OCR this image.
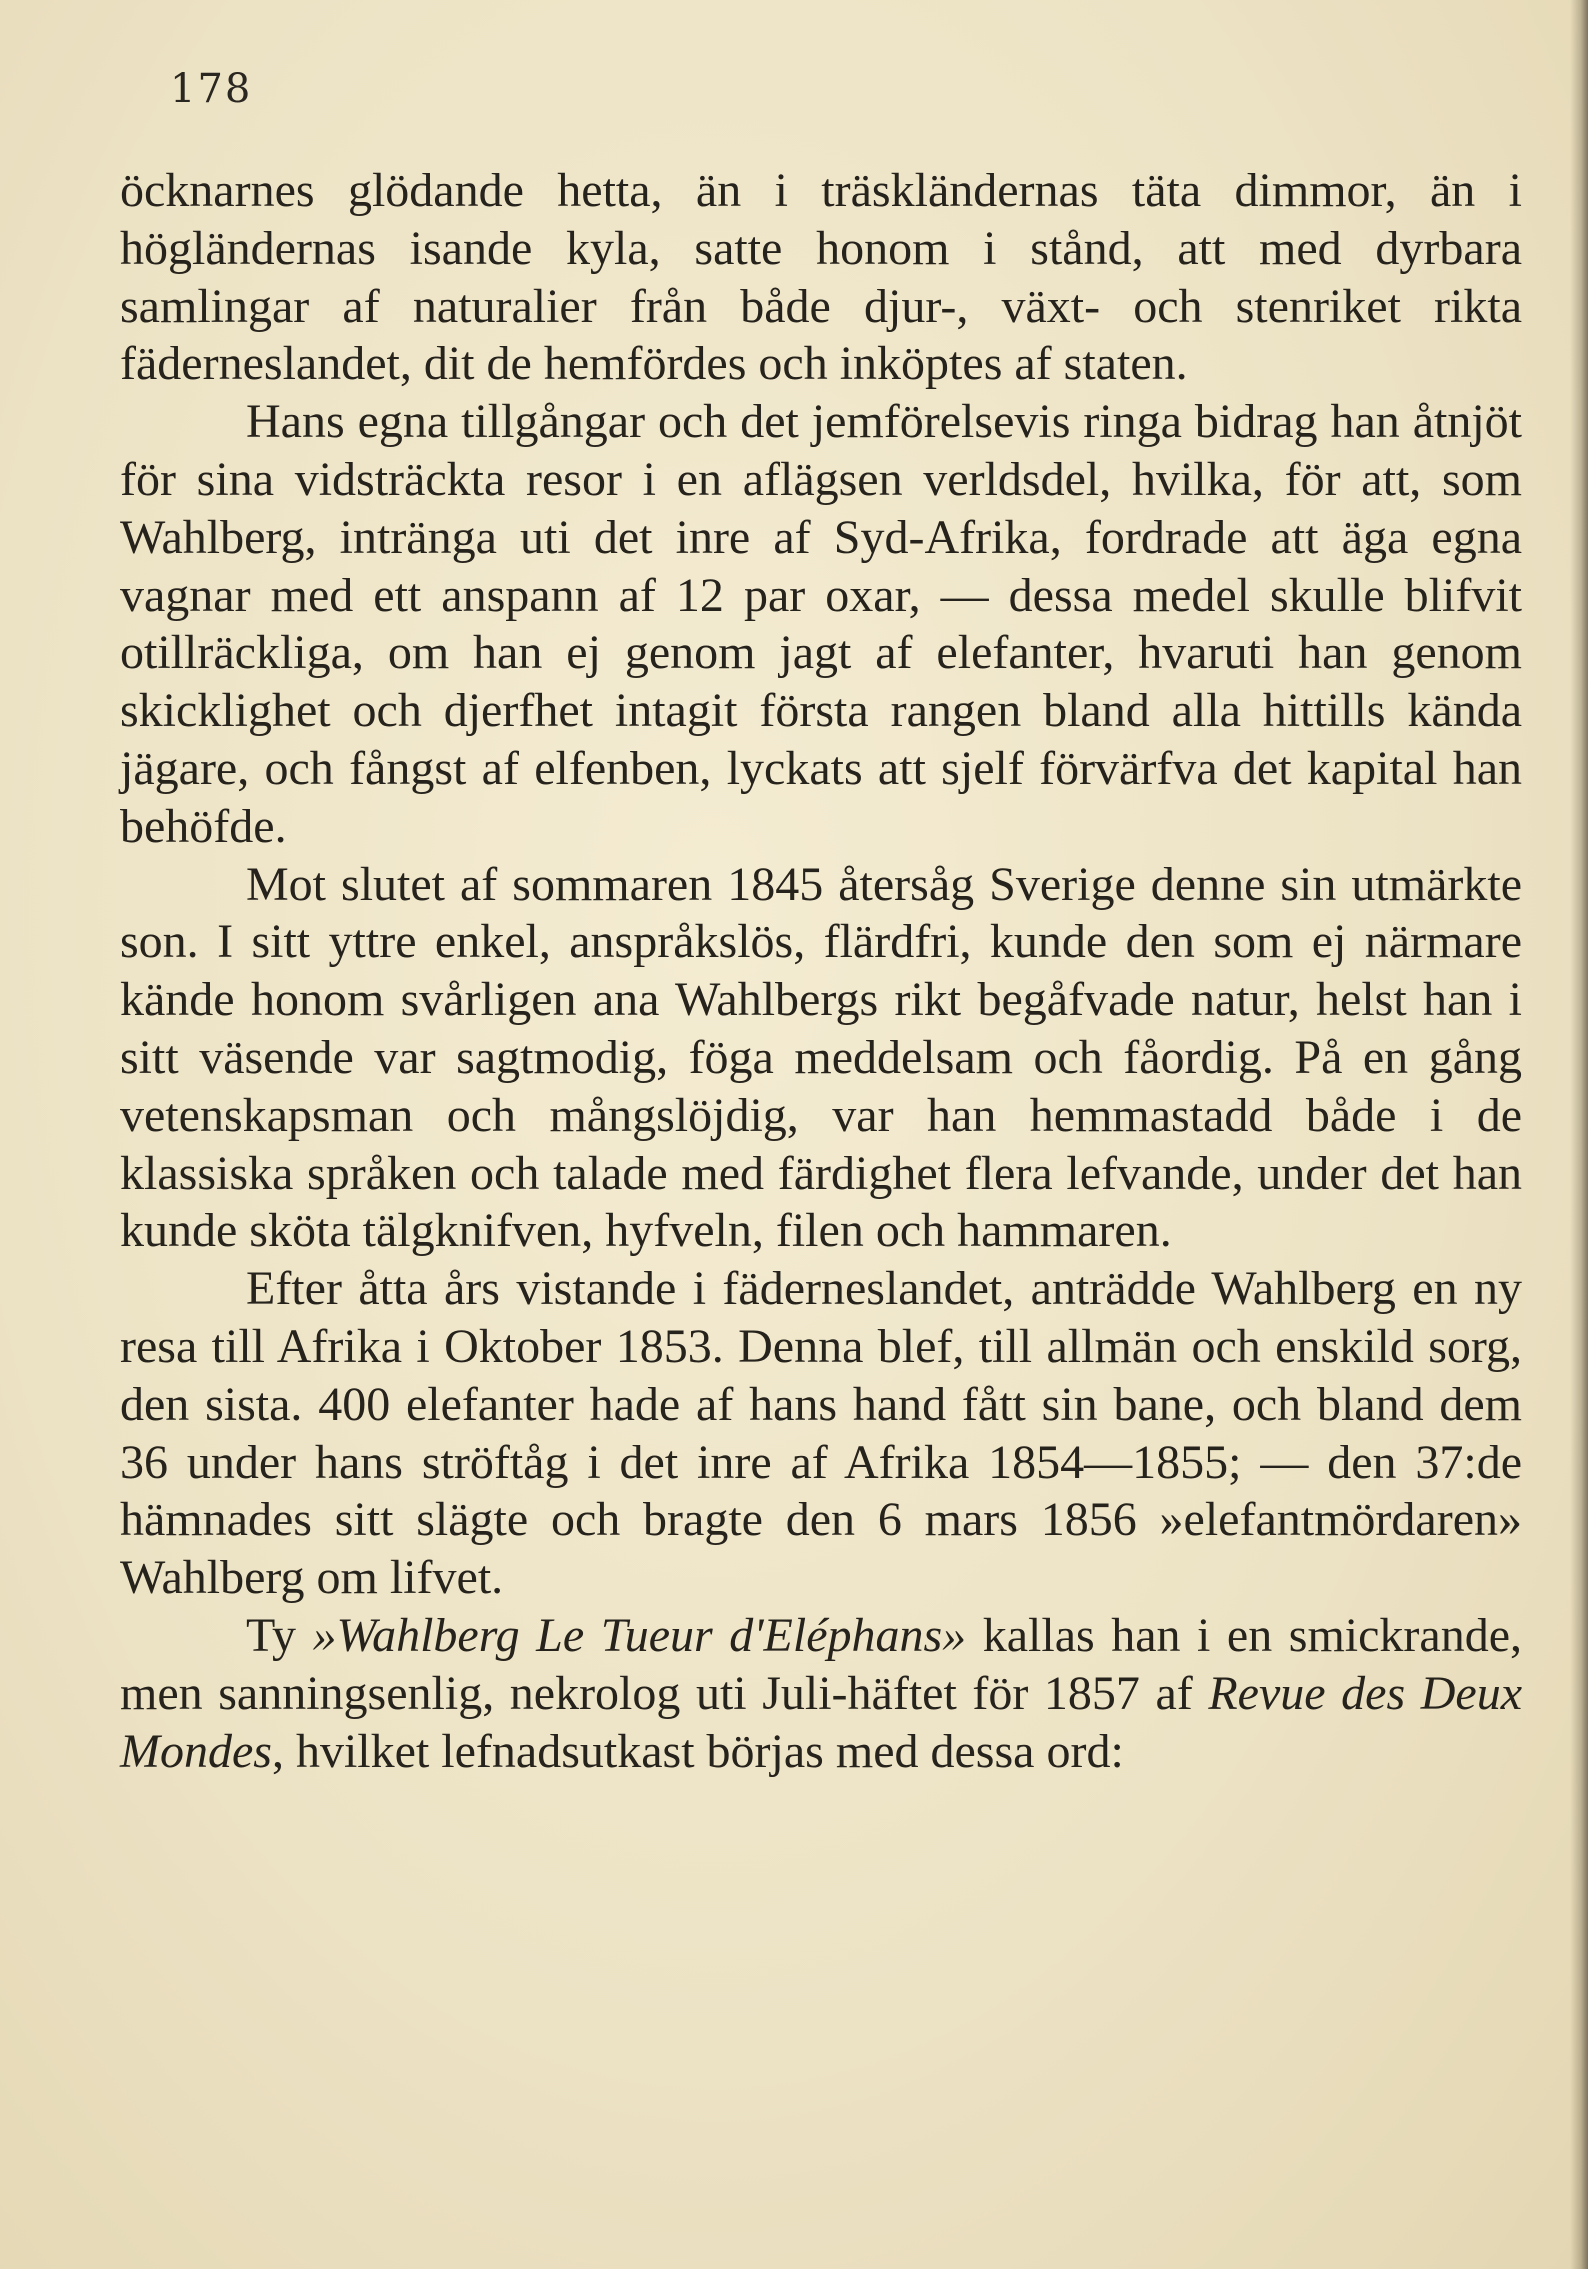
178

öcknarnes glödande hetta, än i träskländernas täta dimmor, än i högländernas isande kyla, satte honom i stånd, att med dyrbara samlingar af naturalier från både djur-, växt- och stenriket rikta fäderneslandet, dit de hemfördes och inköptes af staten.

Hans egna tillgångar och det jemförelsevis ringa bidrag han åtnjöt för sina vidsträckta resor i en aflägsen verldsdel, hvilka, för att, som Wahlberg, intränga uti det inre af Syd-Afrika, fordrade att äga egna vagnar med ett anspann af 12 par oxar, — dessa medel skulle blifvit otillräckliga, om han ej genom jagt af elefanter, hvaruti han genom skicklighet och djerfhet intagit första rangen bland alla hittills kända jägare, och fångst af elfenben, lyckats att sjelf förvärfva det kapital han behöfde.

Mot slutet af sommaren 1845 återsåg Sverige denne sin utmärkte son. I sitt yttre enkel, anspråkslös, flärdfri, kunde den som ej närmare kände honom svårligen ana Wahlbergs rikt begåfvade natur, helst han i sitt väsende var sagtmodig, föga meddelsam och fåordig. På en gång vetenskapsman och mångslöjdig, var han hemmastadd både i de klassiska språken och talade med färdighet flera lefvande, under det han kunde sköta tälgknifven, hyfveln, filen och hammaren.

Efter åtta års vistande i fäderneslandet, anträdde Wahlberg en ny resa till Afrika i Oktober 1853. Denna blef, till allmän och enskild sorg, den sista. 400 elefanter hade af hans hand fått sin bane, och bland dem 36 under hans ströftåg i det inre af Afrika 1854—1855; — den 37:de hämnades sitt slägte och bragte den 6 mars 1856 »elefantmördaren» Wahlberg om lifvet.

Ty »Wahlberg Le Tueur d'Eléphans» kallas han i en smickrande, men sanningsenlig, nekrolog uti Juli-häftet för 1857 af Revue des Deux Mondes, hvilket lefnadsutkast börjas med dessa ord:
